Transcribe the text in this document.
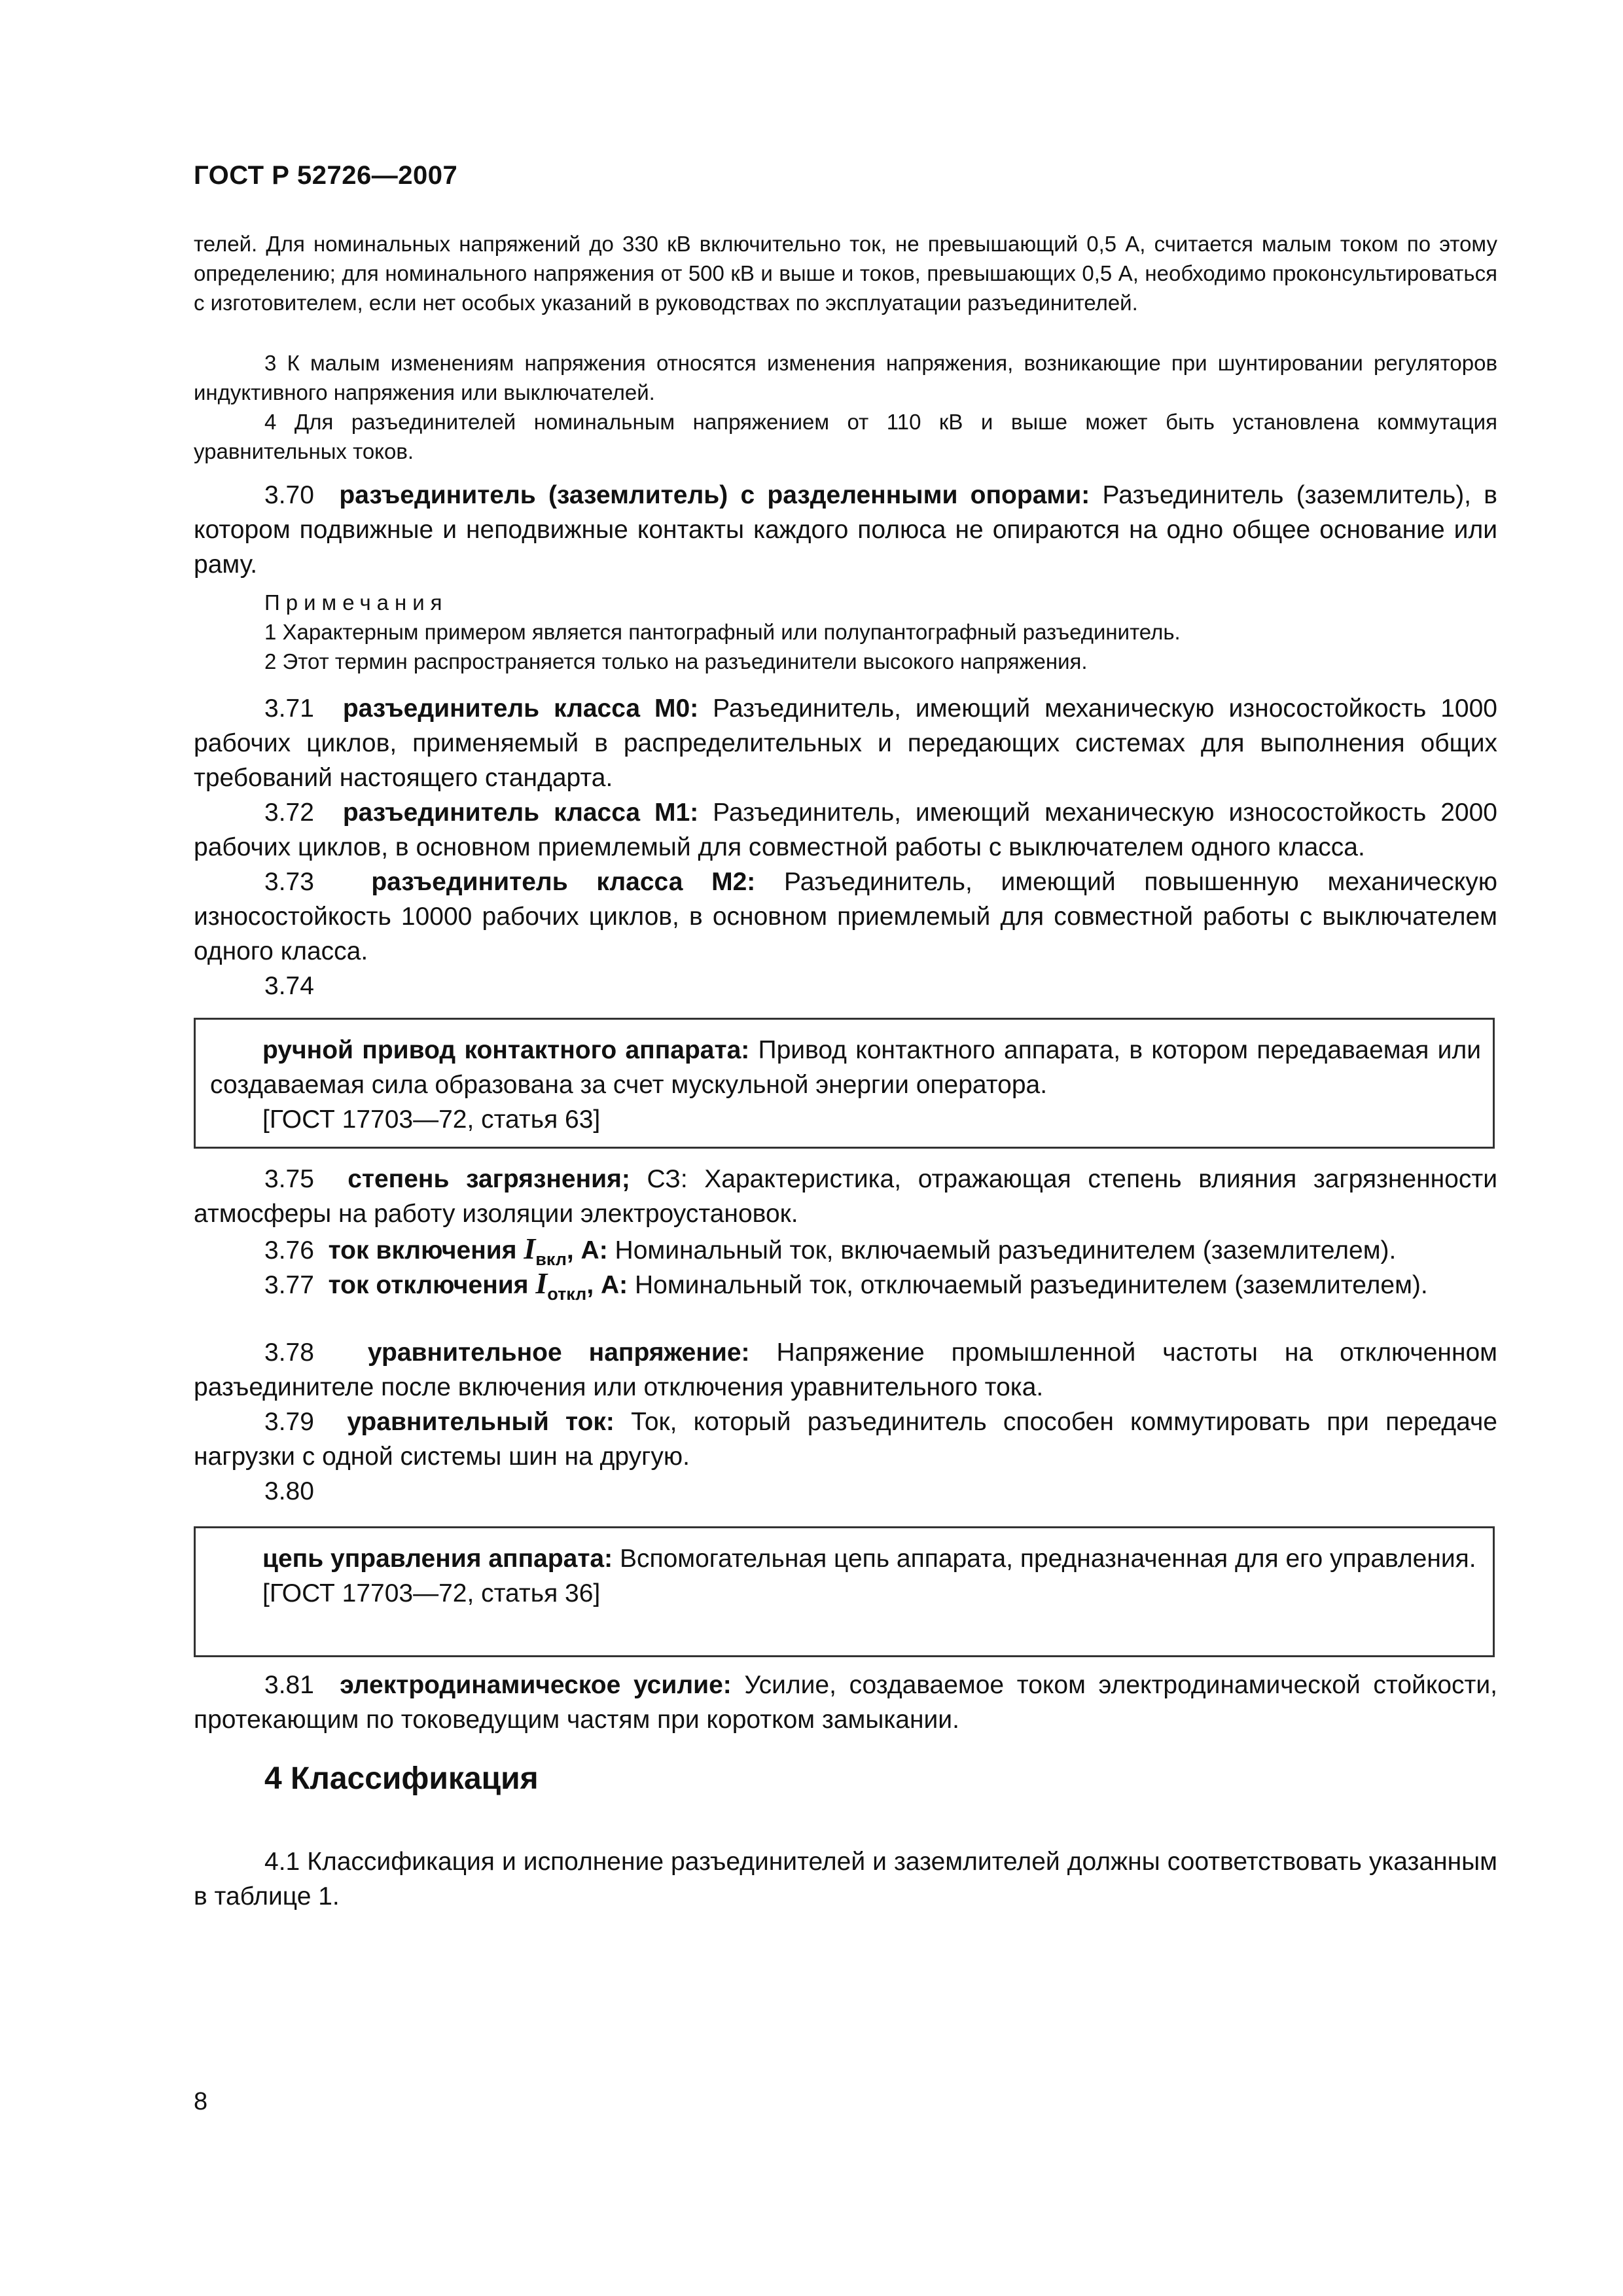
ГОСТ Р 52726—2007
телей. Для номинальных напряжений до 330 кВ включительно ток, не превышающий 0,5 А, считается малым током по этому определению; для номинального напряжения от 500 кВ и выше и токов, превышающих 0,5 А, необходимо проконсультироваться с изготовителем, если нет особых указаний в руководствах по эксплуатации разъединителей.
3 К малым изменениям напряжения относятся изменения напряжения, возникающие при шунтировании регуляторов индуктивного напряжения или выключателей.
4 Для разъединителей номинальным напряжением от 110 кВ и выше может быть установлена коммутация уравнительных токов.
3.70 разъединитель (заземлитель) с разделенными опорами: Разъединитель (заземлитель), в котором подвижные и неподвижные контакты каждого полюса не опираются на одно общее основание или раму.
Примечания
1 Характерным примером является пантографный или полупантографный разъединитель.
2 Этот термин распространяется только на разъединители высокого напряжения.
3.71 разъединитель класса М0: Разъединитель, имеющий механическую износостойкость 1000 рабочих циклов, применяемый в распределительных и передающих системах для выполнения общих требований настоящего стандарта.
3.72 разъединитель класса М1: Разъединитель, имеющий механическую износостойкость 2000 рабочих циклов, в основном приемлемый для совместной работы с выключателем одного класса.
3.73 разъединитель класса М2: Разъединитель, имеющий повышенную механическую износостойкость 10000 рабочих циклов, в основном приемлемый для совместной работы с выключателем одного класса.
3.74
ручной привод контактного аппарата: Привод контактного аппарата, в котором передаваемая или создаваемая сила образована за счет мускульной энергии оператора.
[ГОСТ 17703—72, статья 63]
3.75 степень загрязнения; СЗ: Характеристика, отражающая степень влияния загрязненности атмосферы на работу изоляции электроустановок.
3.76 ток включения $I_{вкл}$, А: Номинальный ток, включаемый разъединителем (заземлителем).
3.77 ток отключения $I_{откл}$, А: Номинальный ток, отключаемый разъединителем (заземлителем).
3.78 уравнительное напряжение: Напряжение промышленной частоты на отключенном разъединителе после включения или отключения уравнительного тока.
3.79 уравнительный ток: Ток, который разъединитель способен коммутировать при передаче нагрузки с одной системы шин на другую.
3.80
цепь управления аппарата: Вспомогательная цепь аппарата, предназначенная для его управления.
[ГОСТ 17703—72, статья 36]
3.81 электродинамическое усилие: Усилие, создаваемое током электродинамической стойкости, протекающим по токоведущим частям при коротком замыкании.
4 Классификация
4.1 Классификация и исполнение разъединителей и заземлителей должны соответствовать указанным в таблице 1.
8
